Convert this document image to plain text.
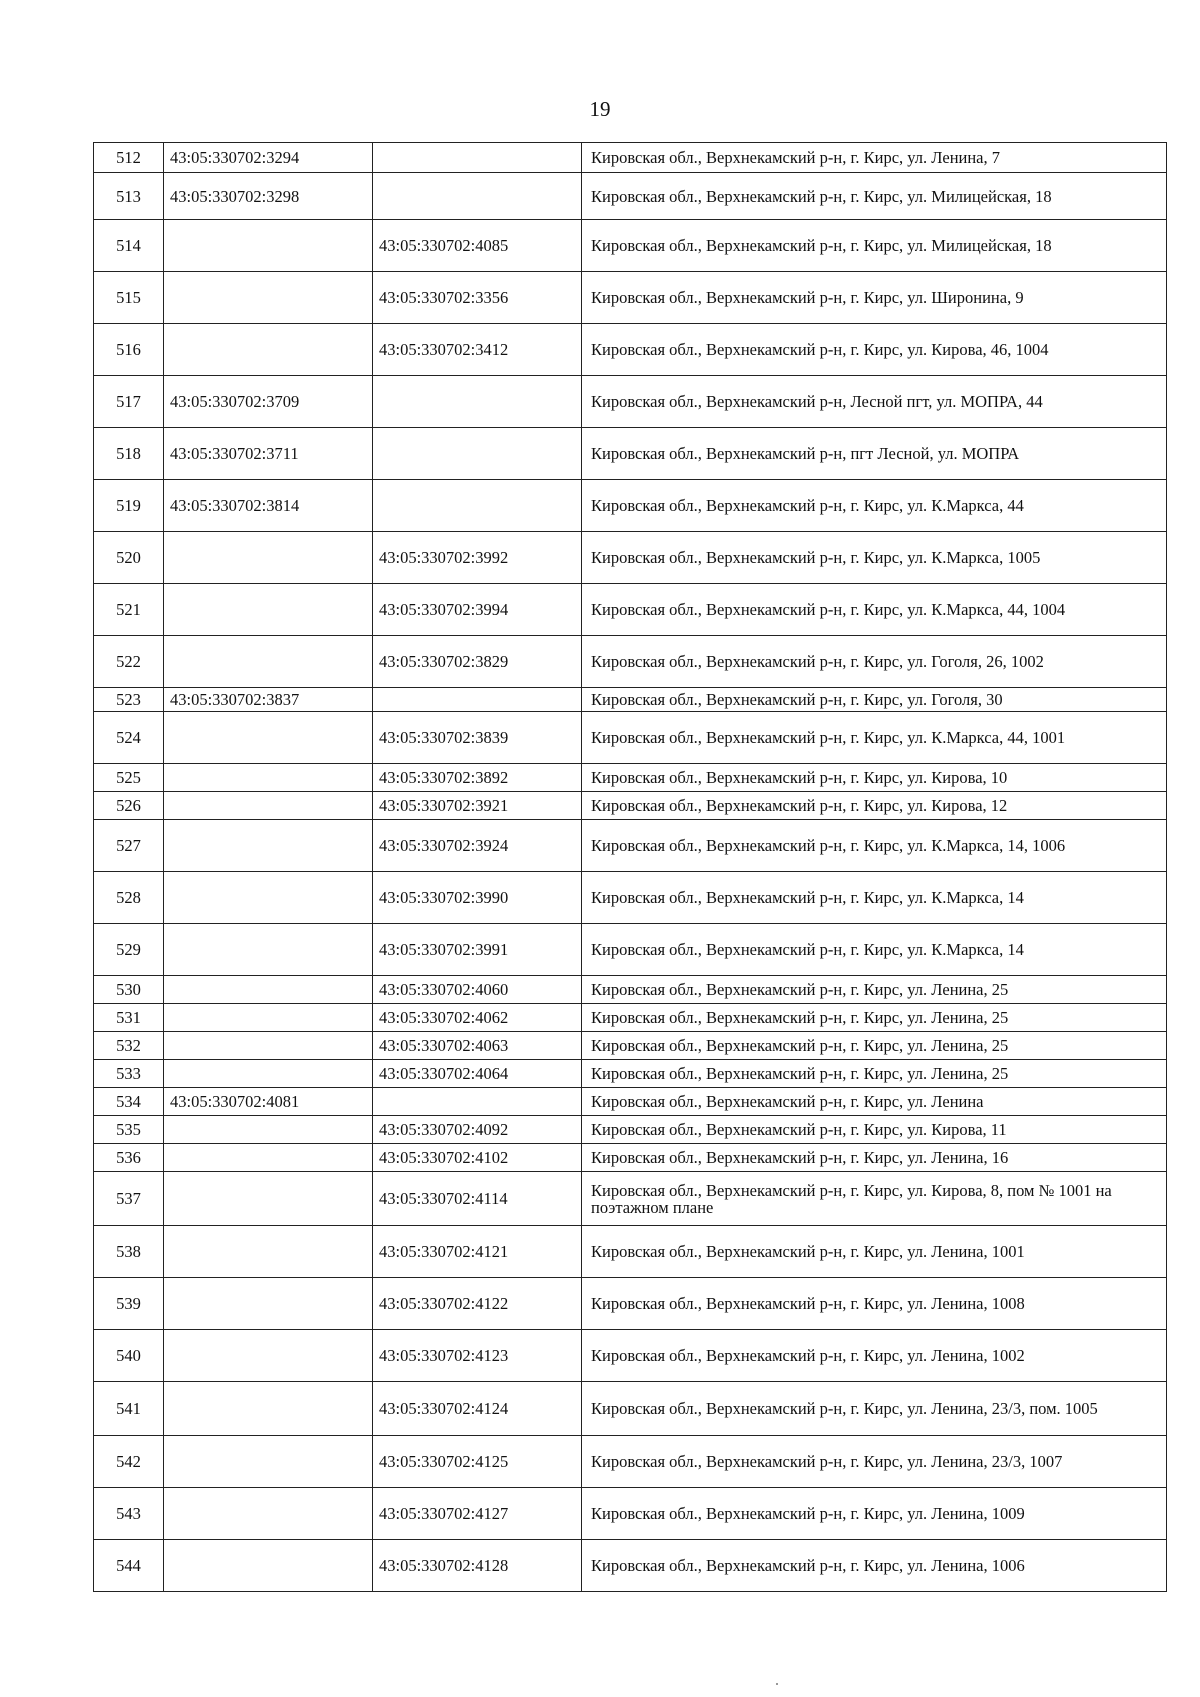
19
512	43:05:330702:3294		Кировская обл., Верхнекамский р-н, г. Кирс, ул. Ленина, 7
513	43:05:330702:3298		Кировская обл., Верхнекамский р-н, г. Кирс, ул. Милицейская, 18
514		43:05:330702:4085	Кировская обл., Верхнекамский р-н, г. Кирс, ул. Милицейская, 18
515		43:05:330702:3356	Кировская обл., Верхнекамский р-н, г. Кирс, ул. Широнина, 9
516		43:05:330702:3412	Кировская обл., Верхнекамский р-н, г. Кирс, ул. Кирова, 46, 1004
517	43:05:330702:3709		Кировская обл., Верхнекамский р-н, Лесной пгт, ул. МОПРА, 44
518	43:05:330702:3711		Кировская обл., Верхнекамский р-н, пгт Лесной, ул. МОПРА
519	43:05:330702:3814		Кировская обл., Верхнекамский р-н, г. Кирс, ул. К.Маркса, 44
520		43:05:330702:3992	Кировская обл., Верхнекамский р-н, г. Кирс, ул. К.Маркса, 1005
521		43:05:330702:3994	Кировская обл., Верхнекамский р-н, г. Кирс, ул. К.Маркса, 44, 1004
522		43:05:330702:3829	Кировская обл., Верхнекамский р-н, г. Кирс, ул. Гоголя, 26, 1002
523	43:05:330702:3837		Кировская обл., Верхнекамский р-н, г. Кирс, ул. Гоголя, 30
524		43:05:330702:3839	Кировская обл., Верхнекамский р-н, г. Кирс, ул. К.Маркса, 44, 1001
525		43:05:330702:3892	Кировская обл., Верхнекамский р-н, г. Кирс, ул. Кирова, 10
526		43:05:330702:3921	Кировская обл., Верхнекамский р-н, г. Кирс, ул. Кирова, 12
527		43:05:330702:3924	Кировская обл., Верхнекамский р-н, г. Кирс, ул. К.Маркса, 14, 1006
528		43:05:330702:3990	Кировская обл., Верхнекамский р-н, г. Кирс, ул. К.Маркса, 14
529		43:05:330702:3991	Кировская обл., Верхнекамский р-н, г. Кирс, ул. К.Маркса, 14
530		43:05:330702:4060	Кировская обл., Верхнекамский р-н, г. Кирс, ул. Ленина, 25
531		43:05:330702:4062	Кировская обл., Верхнекамский р-н, г. Кирс, ул. Ленина, 25
532		43:05:330702:4063	Кировская обл., Верхнекамский р-н, г. Кирс, ул. Ленина, 25
533		43:05:330702:4064	Кировская обл., Верхнекамский р-н, г. Кирс, ул. Ленина, 25
534	43:05:330702:4081		Кировская обл., Верхнекамский р-н, г. Кирс, ул. Ленина
535		43:05:330702:4092	Кировская обл., Верхнекамский р-н, г. Кирс, ул. Кирова, 11
536		43:05:330702:4102	Кировская обл., Верхнекамский р-н, г. Кирс, ул. Ленина, 16
537		43:05:330702:4114	Кировская обл., Верхнекамский р-н, г. Кирс, ул. Кирова, 8, пом № 1001 на поэтажном плане
538		43:05:330702:4121	Кировская обл., Верхнекамский р-н, г. Кирс, ул. Ленина, 1001
539		43:05:330702:4122	Кировская обл., Верхнекамский р-н, г. Кирс, ул. Ленина, 1008
540		43:05:330702:4123	Кировская обл., Верхнекамский р-н, г. Кирс, ул. Ленина, 1002
541		43:05:330702:4124	Кировская обл., Верхнекамский р-н, г. Кирс, ул. Ленина, 23/3, пом. 1005
542		43:05:330702:4125	Кировская обл., Верхнекамский р-н, г. Кирс, ул. Ленина, 23/3, 1007
543		43:05:330702:4127	Кировская обл., Верхнекамский р-н, г. Кирс, ул. Ленина, 1009
544		43:05:330702:4128	Кировская обл., Верхнекамский р-н, г. Кирс, ул. Ленина, 1006
